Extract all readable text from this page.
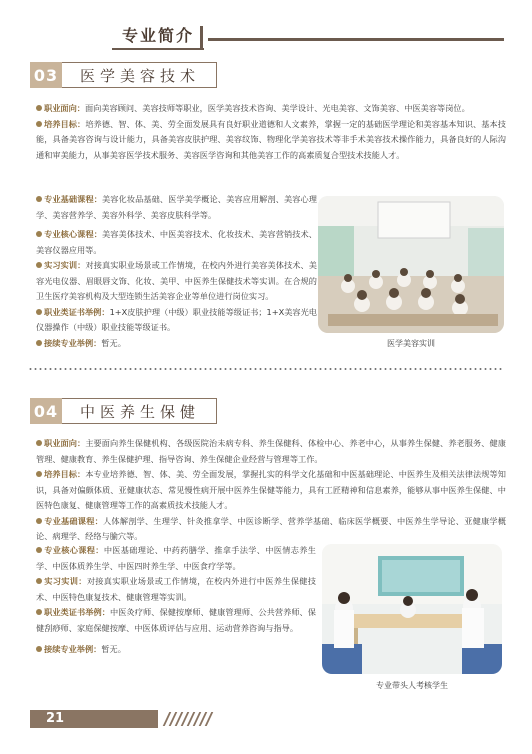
专业简介
03	医学美容技术

职业面向：面向美容顾问、美容技师等职业，医学美容技术咨询、美学设计、光电美容、文饰美容、中医美容等岗位。

培养目标：培养德、智、体、美、劳全面发展具有良好职业道德和人文素养，掌握一定的基础医学理论和美容基本知识、基本技能，具备美容咨询与设计能力，具备美容皮肤护理、美容纹饰、物理化学美容技术等非手术美容技术操作能力，具备良好的人际沟通和审美能力，从事美容医学技术服务、美容医学咨询和其他美容工作的高素质复合型技术技能人才。

专业基础课程：美容化妆品基础、医学美学概论、美容应用解剖、美容心理学、美容营养学、美容外科学、美容皮肤科学等。

专业核心课程：美容美体技术、中医美容技术、化妆技术、美容营销技术、美容仪器应用等。

实习实训：对接真实职业场景或工作情境，在校内外进行美容美体技术、美容光电仪器、眉眼唇文饰、化妆、美甲、中医养生保健技术等实训。在合规的卫生医疗美容机构及大型连锁生活美容企业等单位进行岗位实习。

职业类证书举例：1+X皮肤护理（中级）职业技能等级证书；1+X美容光电仪器操作（中级）职业技能等级证书。

接续专业举例：暂无。	医学美容实训
04	中医养生保健

职业面向：主要面向养生保健机构、各级医院治未病专科、养生保健科、体检中心、养老中心，从事养生保健、养老服务、健康管理、健康教育、养生保健护理、指导咨询、养生保健企业经营与管理等工作。

培养目标：本专业培养德、智、体、美、劳全面发展，掌握扎实的科学文化基础和中医基础理论、中医养生及相关法律法规等知识，具备对偏颇体质、亚健康状态、常见慢性病开展中医养生保健等能力，具有工匠精神和信息素养，能够从事中医养生保健、中医特色康复、健康管理等工作的高素质技术技能人才。

专业基础课程：人体解剖学、生理学、针灸推拿学、中医诊断学、营养学基础、临床医学概要、中医养生学导论、亚健康学概论、病理学、经络与腧穴等。

专业核心课程：中医基础理论、中药药膳学、推拿手法学、中医情志养生学、中医体质养生学、中医四时养生学、中医食疗学等。

实习实训：对接真实职业场景或工作情境，在校内外进行中医养生保健技术、中医特色康复技术、健康管理等实训。

职业类证书举例：中医灸疗师、保健按摩师、健康管理师、公共营养师、保健刮痧师、家庭保健按摩、中医体质评估与应用、运动营养咨询与指导。

接续专业举例：暂无。

专业带头人考核学生
21
